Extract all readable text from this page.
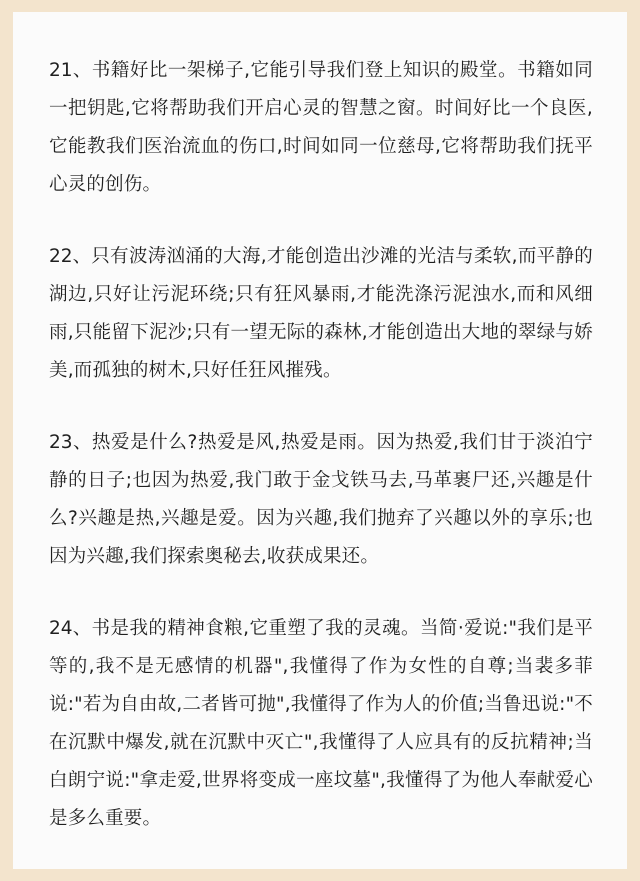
21、书籍好比一架梯子,它能引导我们登上知识的殿堂。书籍如同一把钥匙,它将帮助我们开启心灵的智慧之窗。时间好比一个良医,它能教我们医治流血的伤口,时间如同一位慈母,它将帮助我们抚平心灵的创伤。

22、只有波涛汹涌的大海,才能创造出沙滩的光洁与柔软,而平静的湖边,只好让污泥环绕;只有狂风暴雨,才能洗涤污泥浊水,而和风细雨,只能留下泥沙;只有一望无际的森林,才能创造出大地的翠绿与娇美,而孤独的树木,只好任狂风摧残。

23、热爱是什么?热爱是风,热爱是雨。因为热爱,我们甘于淡泊宁静的日子;也因为热爱,我门敢于金戈铁马去,马革裹尸还,兴趣是什么?兴趣是热,兴趣是爱。因为兴趣,我们抛弃了兴趣以外的享乐;也因为兴趣,我们探索奥秘去,收获成果还。

24、书是我的精神食粮,它重塑了我的灵魂。当简·爱说:"我们是平等的,我不是无感情的机器",我懂得了作为女性的自尊;当裴多菲说:"若为自由故,二者皆可抛",我懂得了作为人的价值;当鲁迅说:"不在沉默中爆发,就在沉默中灭亡",我懂得了人应具有的反抗精神;当白朗宁说:"拿走爱,世界将变成一座坟墓",我懂得了为他人奉献爱心是多么重要。
